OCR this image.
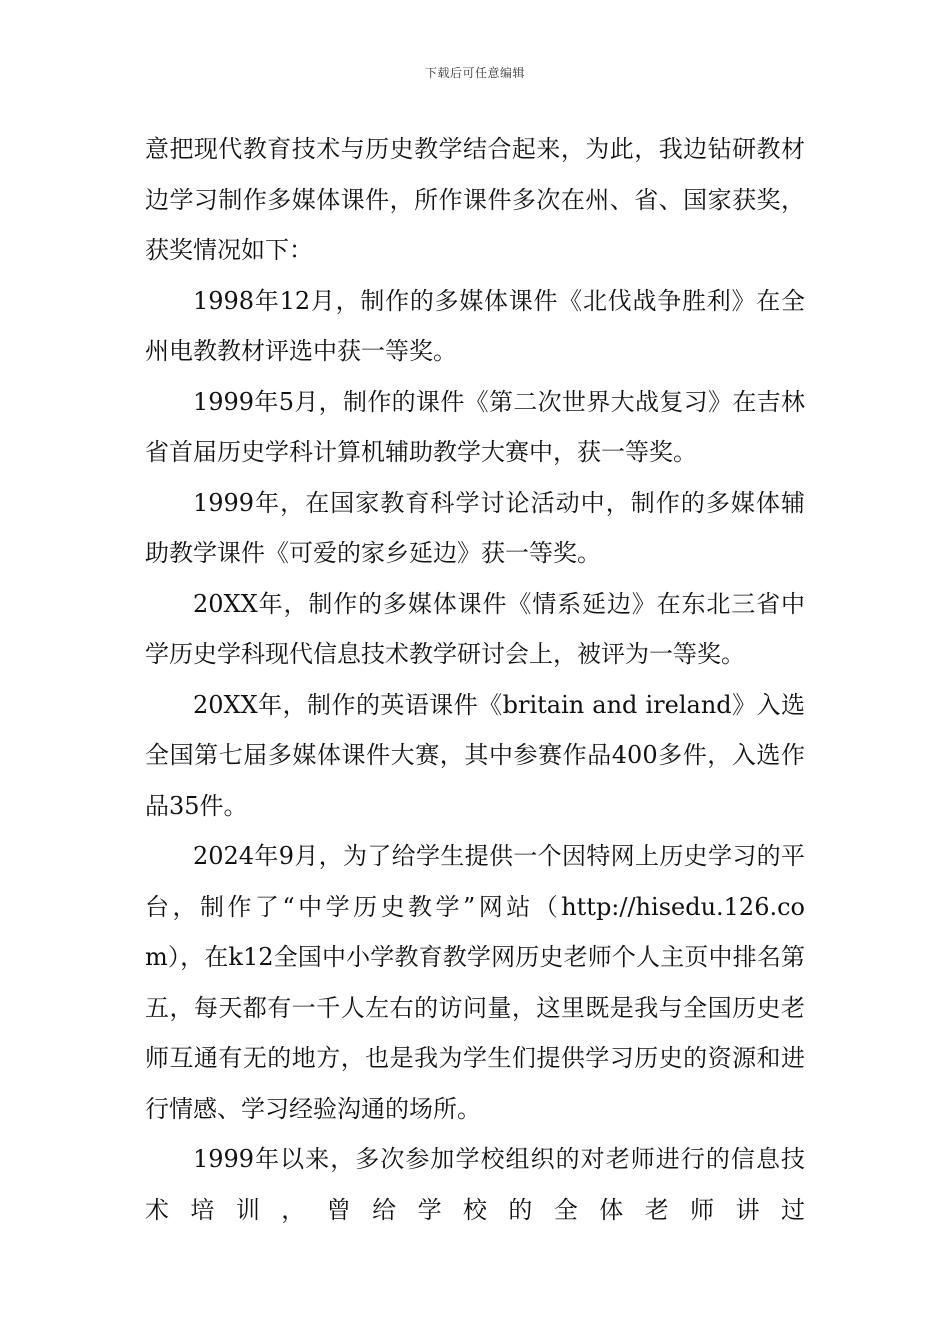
下载后可任意编辑

意把现代教育技术与历史教学结合起来，为此，我边钻研教材边学习制作多媒体课件，所作课件多次在州、省、国家获奖，获奖情况如下：

1998年12月，制作的多媒体课件《北伐战争胜利》在全州电教教材评选中获一等奖。

1999年5月，制作的课件《第二次世界大战复习》在吉林省首届历史学科计算机辅助教学大赛中，获一等奖。

1999年，在国家教育科学讨论活动中，制作的多媒体辅助教学课件《可爱的家乡延边》获一等奖。

20XX年，制作的多媒体课件《情系延边》在东北三省中学历史学科现代信息技术教学研讨会上，被评为一等奖。

20XX年，制作的英语课件《britain and ireland》入选全国第七届多媒体课件大赛，其中参赛作品400多件，入选作品35件。

2024年9月，为了给学生提供一个因特网上历史学习的平台，制作了“中学历史教学”网站（http://hisedu.126.com），在k12全国中小学教育教学网历史老师个人主页中排名第五，每天都有一千人左右的访问量，这里既是我与全国历史老师互通有无的地方，也是我为学生们提供学习历史的资源和进行情感、学习经验沟通的场所。

1999年以来，多次参加学校组织的对老师进行的信息技术培训，曾给学校的全体老师讲过
